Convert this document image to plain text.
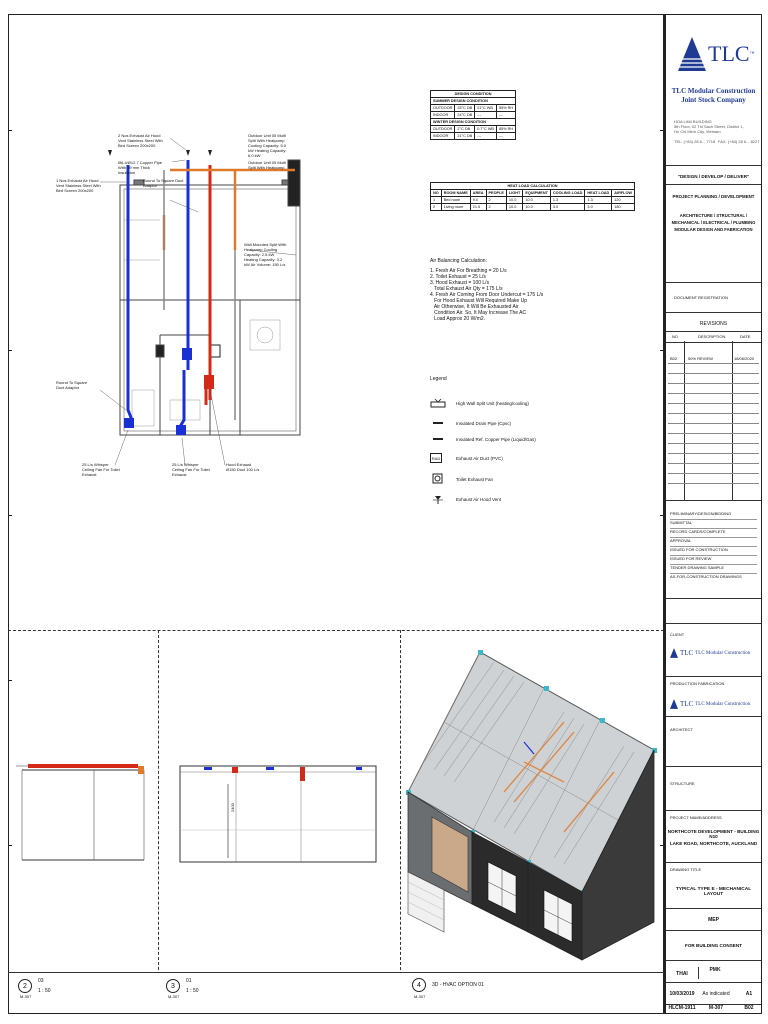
1 Nos Exhaust Air Hood Vent Stainless Steel With Bird Screen 200x200
Round To Square Duct Adaptor
2 Nos Exhaust Air Hood Vent Stainless Steel With Bird Screen 200x200
Ø6.4/Ø12.7 Copper Pipe With 19 mm Thick Insulation
Outdoor Unit 05 Multi Split With Heatpump Cooling Capacity: 5.0 kW Heating Capacity: 6.0 kW
Outdoor Unit 05 Multi Split With Heatpump
Wall Mounted Split With Heatpump Cooling Capacity: 2.5 kW Heating Capacity: 3.2 kW Air Volume: 150 L/s
Round To Square Duct Adaptor
25 L/s Whisper Ceiling Fan For Toilet Exhaust
25 L/s Whisper Ceiling Fan For Toilet Exhaust
Hood Exhaust Ø150 Duct 100 L/s
DESIGN CONDITION			
SUMMER DESIGN CONDITION			
OUTDOOR	25°C DB	21°C WB	55% RH
INDOOR	24°C DB	---	---
WINTER DESIGN CONDITION			
OUTDOOR	2°C DB	0.7°C WB	85% RH
INDOOR	21°C DB	---	---
HEAT LOAD CALCULATION								
NO	ROOM NAME	AREA	PEOPLE	LIGHT	EQUIPMENT	COOLING LOAD	HEAT LOAD	AIRFLOW
1	Bed room	9.0	2	10.0	10.0	1.3	1.3	120
2	Living room	21.5	2	10.0	10.0	3.0	3.0	180
Air Balancing Calculation:
1. Fresh Air For Breathing = 20 L/s
2. Toilet Exhaust = 25 L/s
3. Hood Exhaust = 100 L/s
Total Exhaust Air Qty = 175 L/s
4. Fresh Air Coming From Door Undercut = 175 L/s
For Hood Exhaust Will Required Make Up
Air Otherwise, It Will Be Exhausted Air
Condition Air. So, It May Increase The AC
Load Approx 20 W/m2.
Legend
High Wall Split Unit (heating/cooling)
Insulated Drain Pipe (Cpvc)
Insulated Ref. Copper Pipe (Liquid/Gas)
RAD	Exhaust Air Duct (PVC)
Toilet Exhaust Fan
Exhaust Air Hood Vent
2400
2
03
1 : 50
M-307
3
01
1 : 50
M-307
4	3D - HVAC OPTION 01
M-307
TLC ™
TLC Modular Construction
Joint Stock Company
HOA LAM BUILDING
5th Floor, 02 Thi Sach Street, District 1,
Ho Chi Minh City, Vietnam
TEL: (+84) 28 6... 7718 FAX: (+84) 28 6... 8227
"DESIGN / DEVELOP / DELIVER"
PROJECT PLANNING / DEVELOPMENT
ARCHITECTURE / STRUCTURAL /
MECHANICAL / ELECTRICAL / PLUMBING
MODULAR DESIGN AND FABRICATION
DOCUMENT REGISTRATION
REVISIONS
NO	DESCRIPTION	DATE
B02	50% REVIEW	18/06/2020
PRELIMINARY/DESIGN/BIDDING
SUBMITTAL
RECORD CARDS/COMPLETE
APPROVAL
ISSUED FOR CONSTRUCTION
ISSUED FOR REVIEW
TENDER DRAWING SAMPLE
AS-FOR-CONSTRUCTION DRAWINGS
CLIENT
TLC TLC Modular Construction
PRODUCTION FABRICATION
TLC TLC Modular Construction
ARCHITECT
STRUCTURE
PROJECT NAME/ADDRESS
NORTHCOTE DEVELOPMENT - BUILDING N10
LAKE ROAD, NORTHCOTE, AUCKLAND
DRAWING TITLE
TYPICAL TYPE E - MECHANICAL LAYOUT
MEP
FOR BUILDING CONSENT
THAI
PMK
10/03/2019	As indicated	A1
HLCM-1911	M-307	B02
